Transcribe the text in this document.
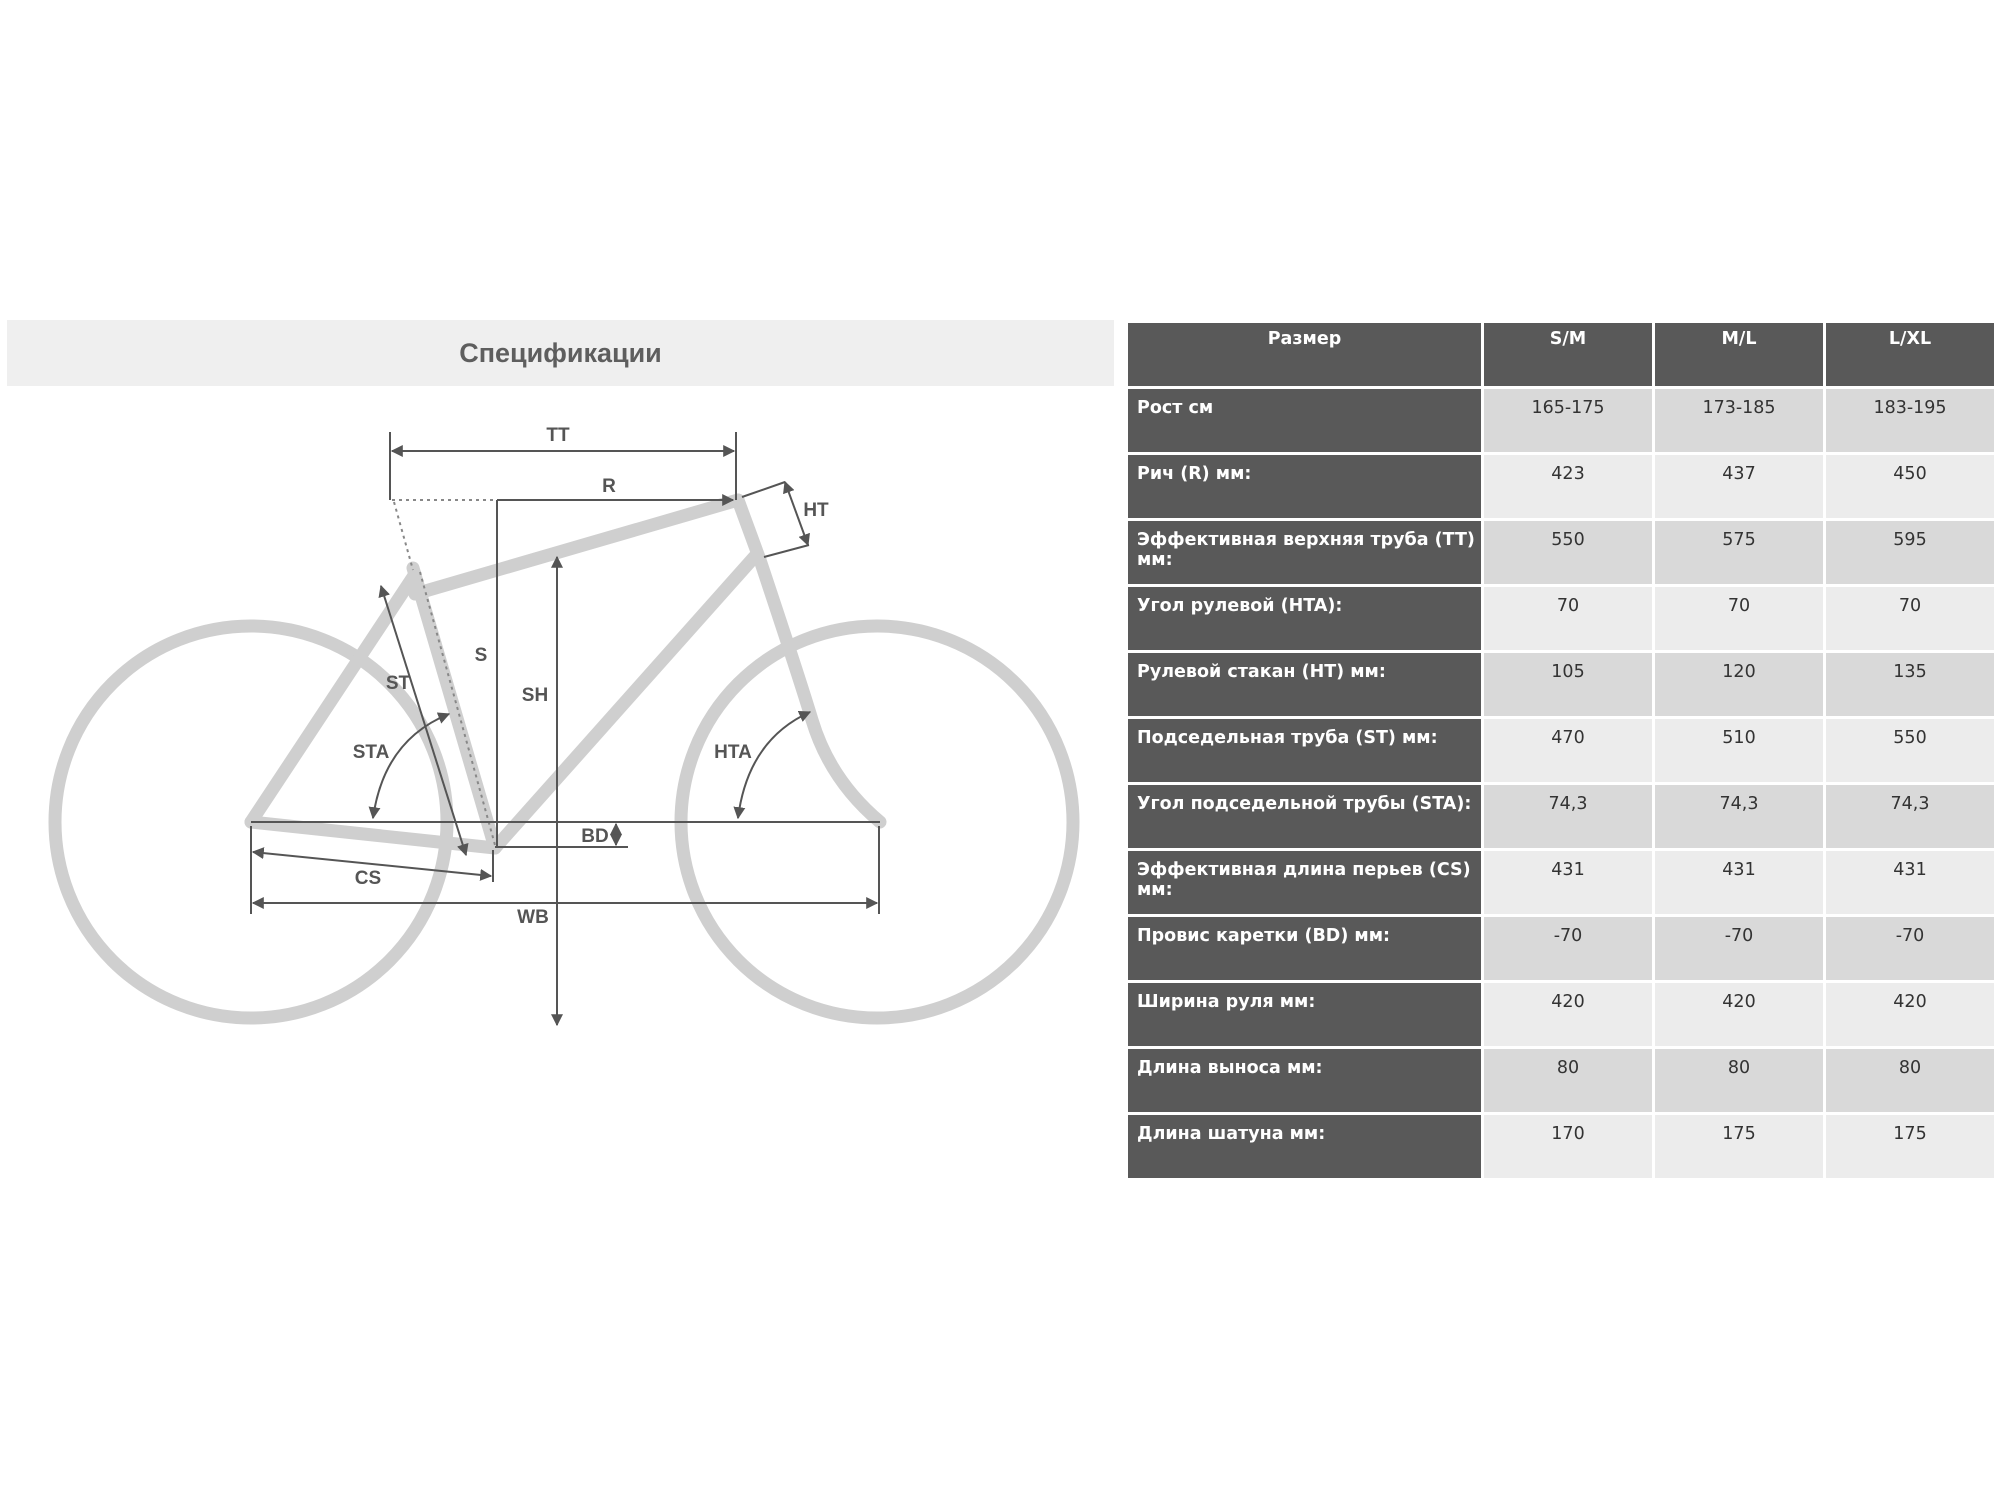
Спецификации
TT
R
HT
S
SH
ST
STA	HTA
BD
CS
WB
Размер	S/M	M/L	L/XL
Рост см	165-175	173-185	183-195
Рич (R) мм:	423	437	450
Эффективная верхняя труба (TT) мм:	550	575	595
Угол рулевой (HTA):	70	70	70
Рулевой стакан (HT) мм:	105	120	135
Подседельная труба (ST) мм:	470	510	550
Угол подседельной трубы (STA):	74,3	74,3	74,3
Эффективная длина перьев (CS) мм:	431	431	431
Провис каретки (BD) мм:	-70	-70	-70
Ширина руля мм:	420	420	420
Длина выноса мм:	80	80	80
Длина шатуна мм:	170	175	175
